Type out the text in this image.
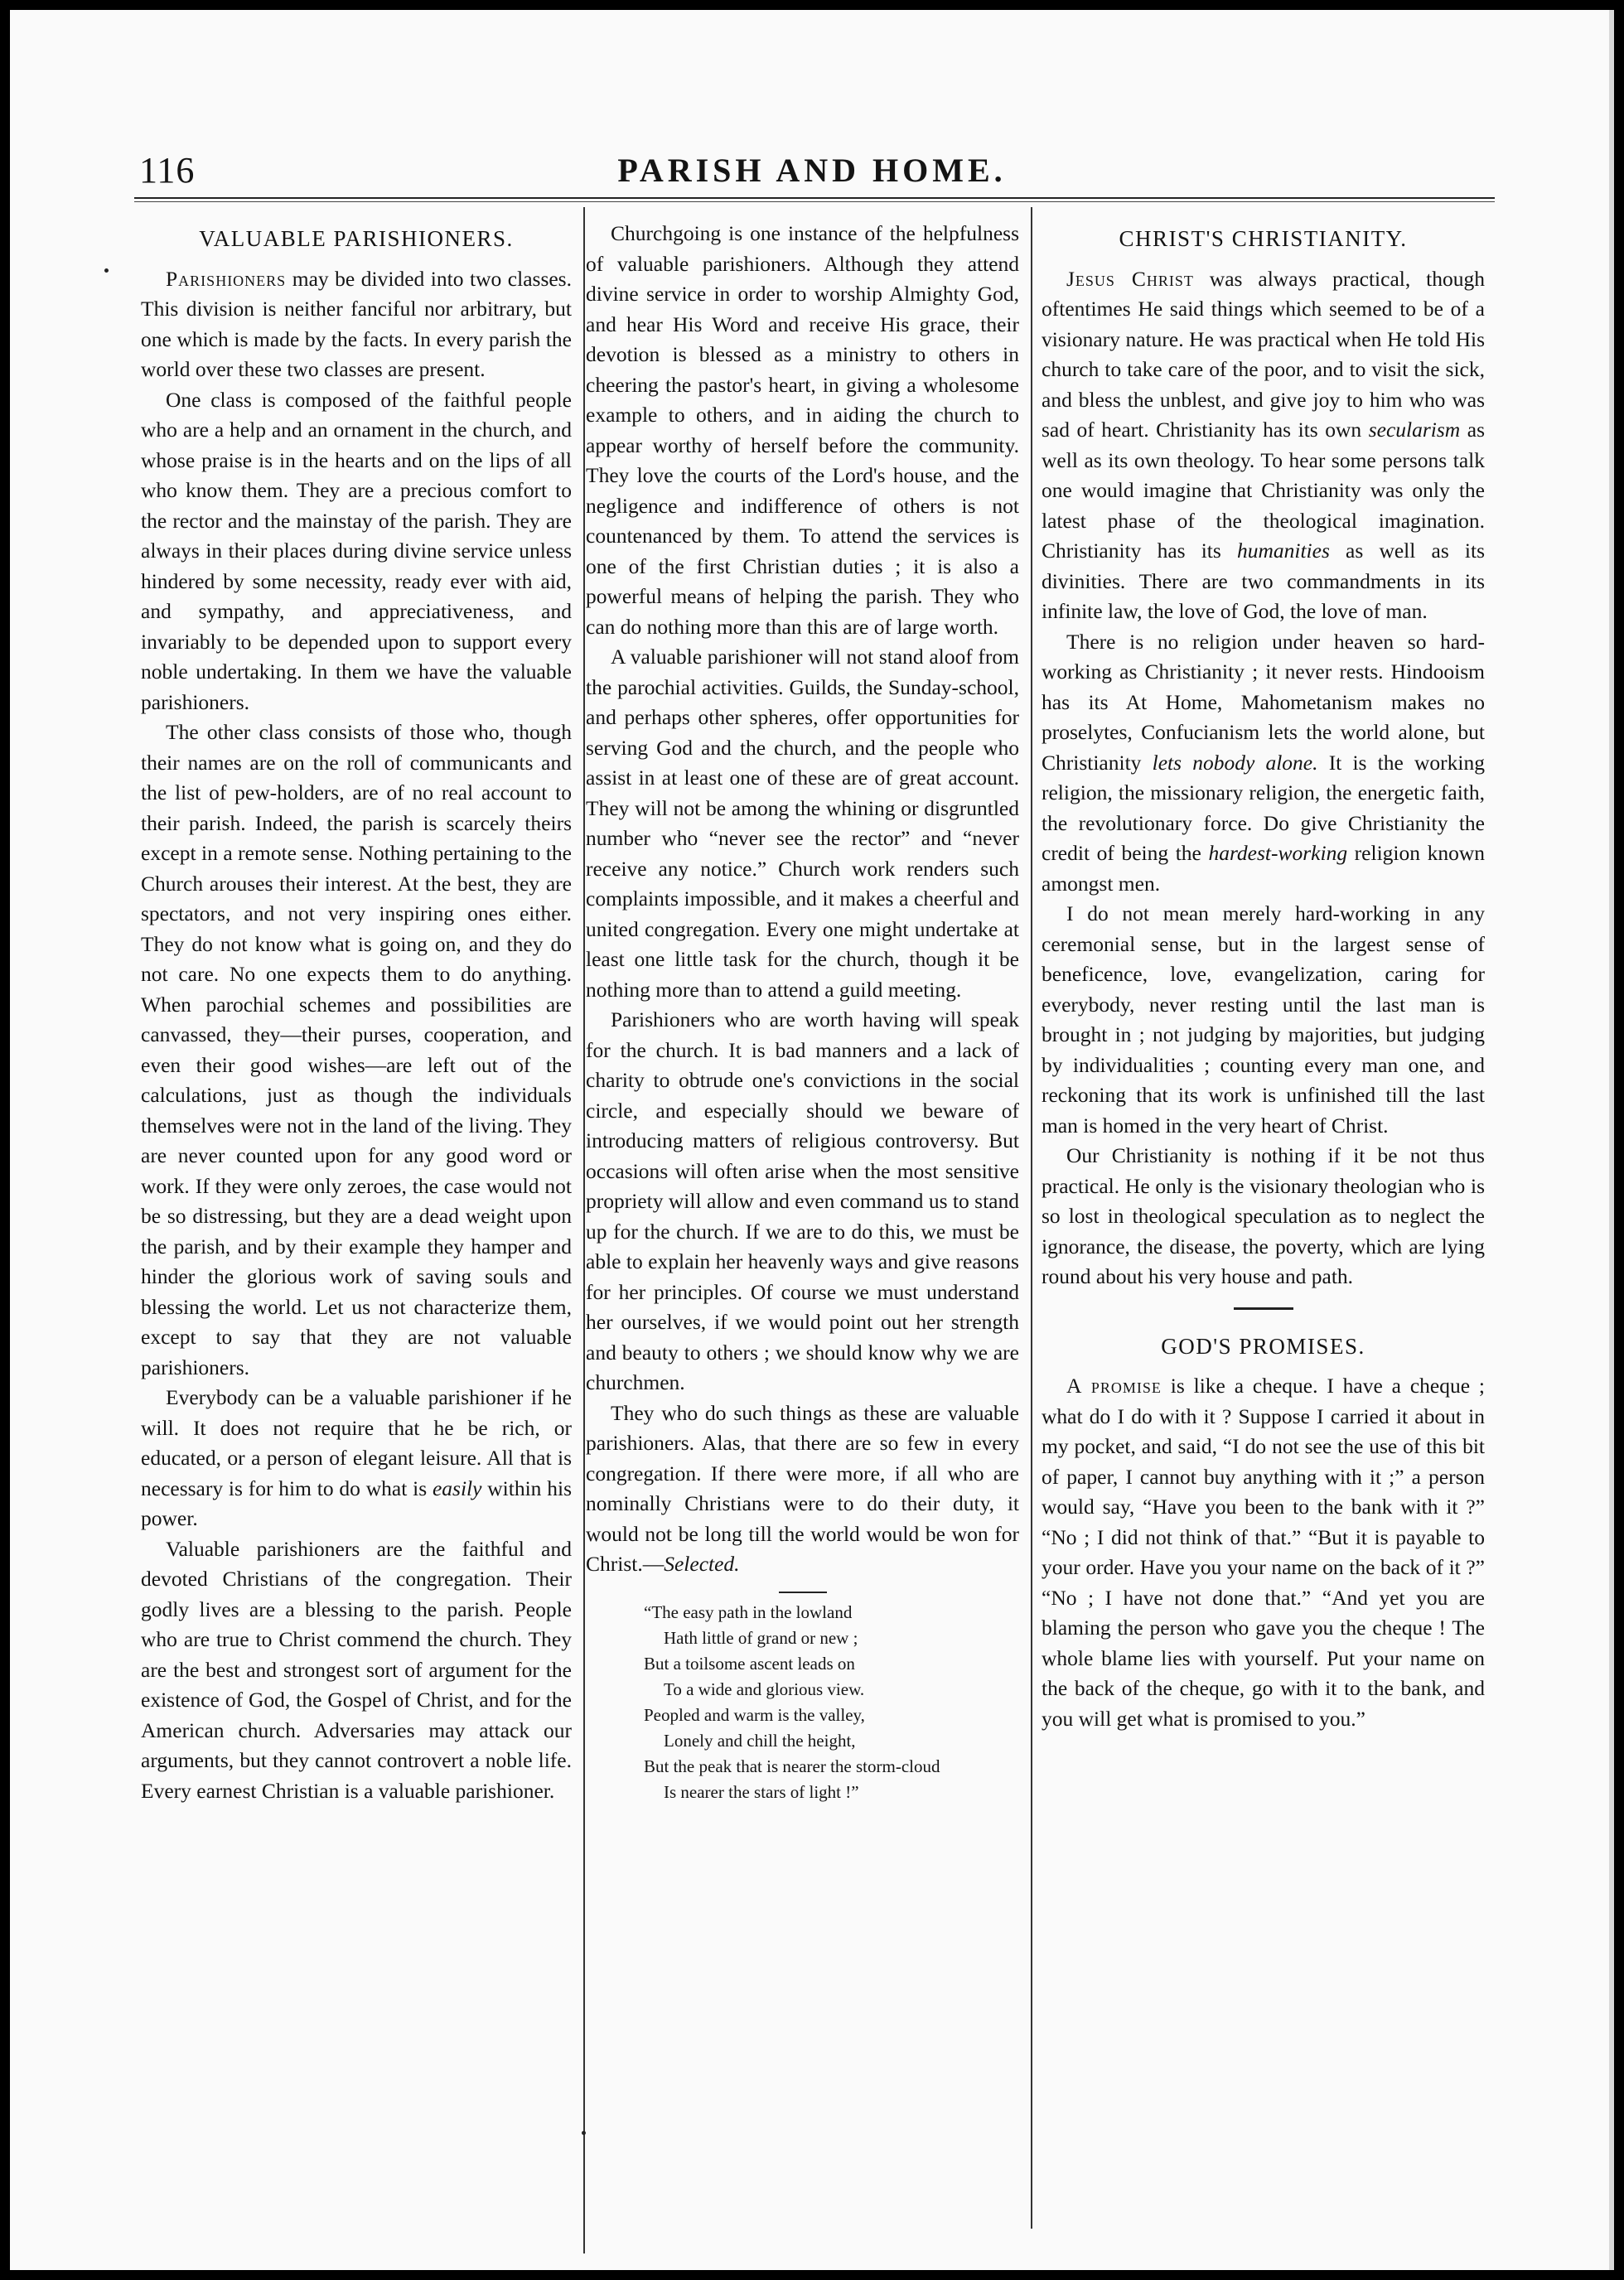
116	PARISH AND HOME.
VALUABLE PARISHIONERS.

Parishioners may be divided into two classes. This division is neither fanciful nor arbitrary, but one which is made by the facts. In every parish the world over these two classes are present.

One class is composed of the faithful people who are a help and an ornament in the church, and whose praise is in the hearts and on the lips of all who know them. They are a precious comfort to the rector and the mainstay of the parish. They are always in their places during divine service unless hindered by some necessity, ready ever with aid, and sympathy, and appreciativeness, and invariably to be depended upon to support every noble undertaking. In them we have the valuable parishioners.

The other class consists of those who, though their names are on the roll of communicants and the list of pew-holders, are of no real account to their parish. Indeed, the parish is scarcely theirs except in a remote sense. Nothing pertaining to the Church arouses their interest. At the best, they are spectators, and not very inspiring ones either. They do not know what is going on, and they do not care. No one expects them to do anything. When parochial schemes and possibilities are canvassed, they—their purses, cooperation, and even their good wishes—are left out of the calculations, just as though the individuals themselves were not in the land of the living. They are never counted upon for any good word or work. If they were only zeroes, the case would not be so distressing, but they are a dead weight upon the parish, and by their example they hamper and hinder the glorious work of saving souls and blessing the world. Let us not characterize them, except to say that they are not valuable parishioners.

Everybody can be a valuable parishioner if he will. It does not require that he be rich, or educated, or a person of elegant leisure. All that is necessary is for him to do what is easily within his power.

Valuable parishioners are the faithful and devoted Christians of the congregation. Their godly lives are a blessing to the parish. People who are true to Christ commend the church. They are the best and strongest sort of argument for the existence of God, the Gospel of Christ, and for the American church. Adversaries may attack our arguments, but they cannot controvert a noble life. Every earnest Christian is a valuable parishioner.

Churchgoing is one instance of the helpfulness of valuable parishioners. Although they attend divine service in order to worship Almighty God, and hear His Word and receive His grace, their devotion is blessed as a ministry to others in cheering the pastor's heart, in giving a wholesome example to others, and in aiding the church to appear worthy of herself before the community. They love the courts of the Lord's house, and the negligence and indifference of others is not countenanced by them. To attend the services is one of the first Christian duties ; it is also a powerful means of helping the parish. They who can do nothing more than this are of large worth.

A valuable parishioner will not stand aloof from the parochial activities. Guilds, the Sunday-school, and perhaps other spheres, offer opportunities for serving God and the church, and the people who assist in at least one of these are of great account. They will not be among the whining or disgruntled number who “never see the rector” and “never receive any notice.” Church work renders such complaints impossible, and it makes a cheerful and united congregation. Every one might undertake at least one little task for the church, though it be nothing more than to attend a guild meeting.

Parishioners who are worth having will speak for the church. It is bad manners and a lack of charity to obtrude one's convictions in the social circle, and especially should we beware of introducing matters of religious controversy. But occasions will often arise when the most sensitive propriety will allow and even command us to stand up for the church. If we are to do this, we must be able to explain her heavenly ways and give reasons for her principles. Of course we must understand her ourselves, if we would point out her strength and beauty to others ; we should know why we are churchmen.

They who do such things as these are valuable parishioners. Alas, that there are so few in every congregation. If there were more, if all who are nominally Christians were to do their duty, it would not be long till the world would be won for Christ.—Selected.

“The easy path in the lowland
Hath little of grand or new ;
But a toilsome ascent leads on
To a wide and glorious view.
Peopled and warm is the valley,
Lonely and chill the height,
But the peak that is nearer the storm-cloud
Is nearer the stars of light !”
CHRIST'S CHRISTIANITY.

Jesus Christ was always practical, though oftentimes He said things which seemed to be of a visionary nature. He was practical when He told His church to take care of the poor, and to visit the sick, and bless the unblest, and give joy to him who was sad of heart. Christianity has its own secularism as well as its own theology. To hear some persons talk one would imagine that Christianity was only the latest phase of the theological imagination. Christianity has its humanities as well as its divinities. There are two commandments in its infinite law, the love of God, the love of man.

There is no religion under heaven so hard-working as Christianity ; it never rests. Hindooism has its At Home, Mahometanism makes no proselytes, Confucianism lets the world alone, but Christianity lets nobody alone. It is the working religion, the missionary religion, the energetic faith, the revolutionary force. Do give Christianity the credit of being the hardest-working religion known amongst men.

I do not mean merely hard-working in any ceremonial sense, but in the largest sense of beneficence, love, evangelization, caring for everybody, never resting until the last man is brought in ; not judging by majorities, but judging by individualities ; counting every man one, and reckoning that its work is unfinished till the last man is homed in the very heart of Christ.

Our Christianity is nothing if it be not thus practical. He only is the visionary theologian who is so lost in theological speculation as to neglect the ignorance, the disease, the poverty, which are lying round about his very house and path.

GOD'S PROMISES.

A promise is like a cheque. I have a cheque ; what do I do with it ? Suppose I carried it about in my pocket, and said, “I do not see the use of this bit of paper, I cannot buy anything with it ;” a person would say, “Have you been to the bank with it ?” “No ; I did not think of that.” “But it is payable to your order. Have you your name on the back of it ?” “No ; I have not done that.” “And yet you are blaming the person who gave you the cheque ! The whole blame lies with yourself. Put your name on the back of the cheque, go with it to the bank, and you will get what is promised to you.”
